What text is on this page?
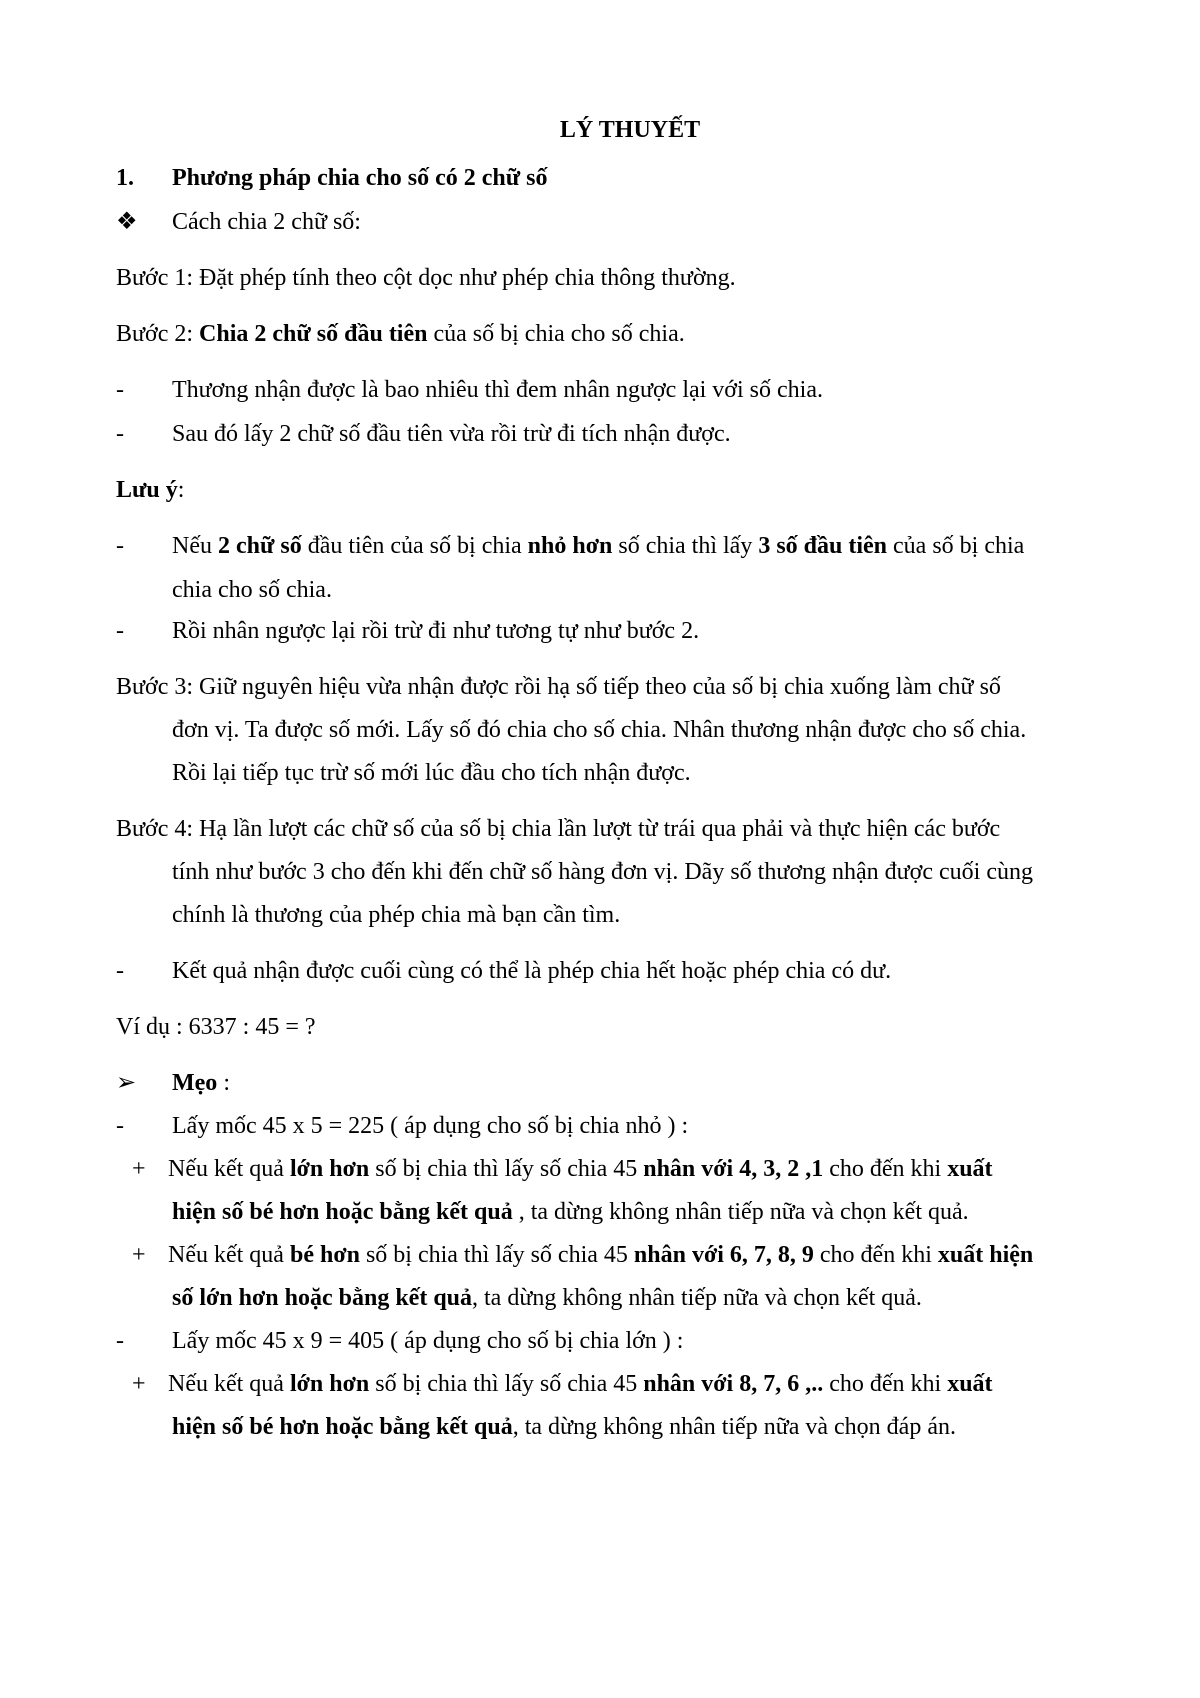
LÝ THUYẾT
1. Phương pháp chia cho số có 2 chữ số
❖ Cách chia 2 chữ số:
Bước 1: Đặt phép tính theo cột dọc như phép chia thông thường.
Bước 2: Chia 2 chữ số đầu tiên của số bị chia cho số chia.
- Thương nhận được là bao nhiêu thì đem nhân ngược lại với số chia.
- Sau đó lấy 2 chữ số đầu tiên vừa rồi trừ đi tích nhận được.
Lưu ý:
- Nếu 2 chữ số đầu tiên của số bị chia nhỏ hơn số chia thì lấy 3 số đầu tiên của số bị chia
chia cho số chia.
- Rồi nhân ngược lại rồi trừ đi như tương tự như bước 2.
Bước 3: Giữ nguyên hiệu vừa nhận được rồi hạ số tiếp theo của số bị chia xuống làm chữ số
đơn vị. Ta được số mới. Lấy số đó chia cho số chia. Nhân thương nhận được cho số chia.
Rồi lại tiếp tục trừ số mới lúc đầu cho tích nhận được.
Bước 4: Hạ lần lượt các chữ số của số bị chia lần lượt từ trái qua phải và thực hiện các bước
tính như bước 3 cho đến khi đến chữ số hàng đơn vị. Dãy số thương nhận được cuối cùng
chính là thương của phép chia mà bạn cần tìm.
- Kết quả nhận được cuối cùng có thể là phép chia hết hoặc phép chia có dư.
Ví dụ : 6337 : 45 = ?
➢ Mẹo :
- Lấy mốc 45 x 5 = 225 ( áp dụng cho số bị chia nhỏ ) :
+ Nếu kết quả lớn hơn số bị chia thì lấy số chia 45 nhân với 4, 3, 2 ,1 cho đến khi xuất
hiện số bé hơn hoặc bằng kết quả , ta dừng không nhân tiếp nữa và chọn kết quả.
+ Nếu kết quả bé hơn số bị chia thì lấy số chia 45 nhân với 6, 7, 8, 9 cho đến khi xuất hiện
số lớn hơn hoặc bằng kết quả, ta dừng không nhân tiếp nữa và chọn kết quả.
- Lấy mốc 45 x 9 = 405 ( áp dụng cho số bị chia lớn ) :
+ Nếu kết quả lớn hơn số bị chia thì lấy số chia 45 nhân với 8, 7, 6 ,.. cho đến khi xuất
hiện số bé hơn hoặc bằng kết quả, ta dừng không nhân tiếp nữa và chọn đáp án.
